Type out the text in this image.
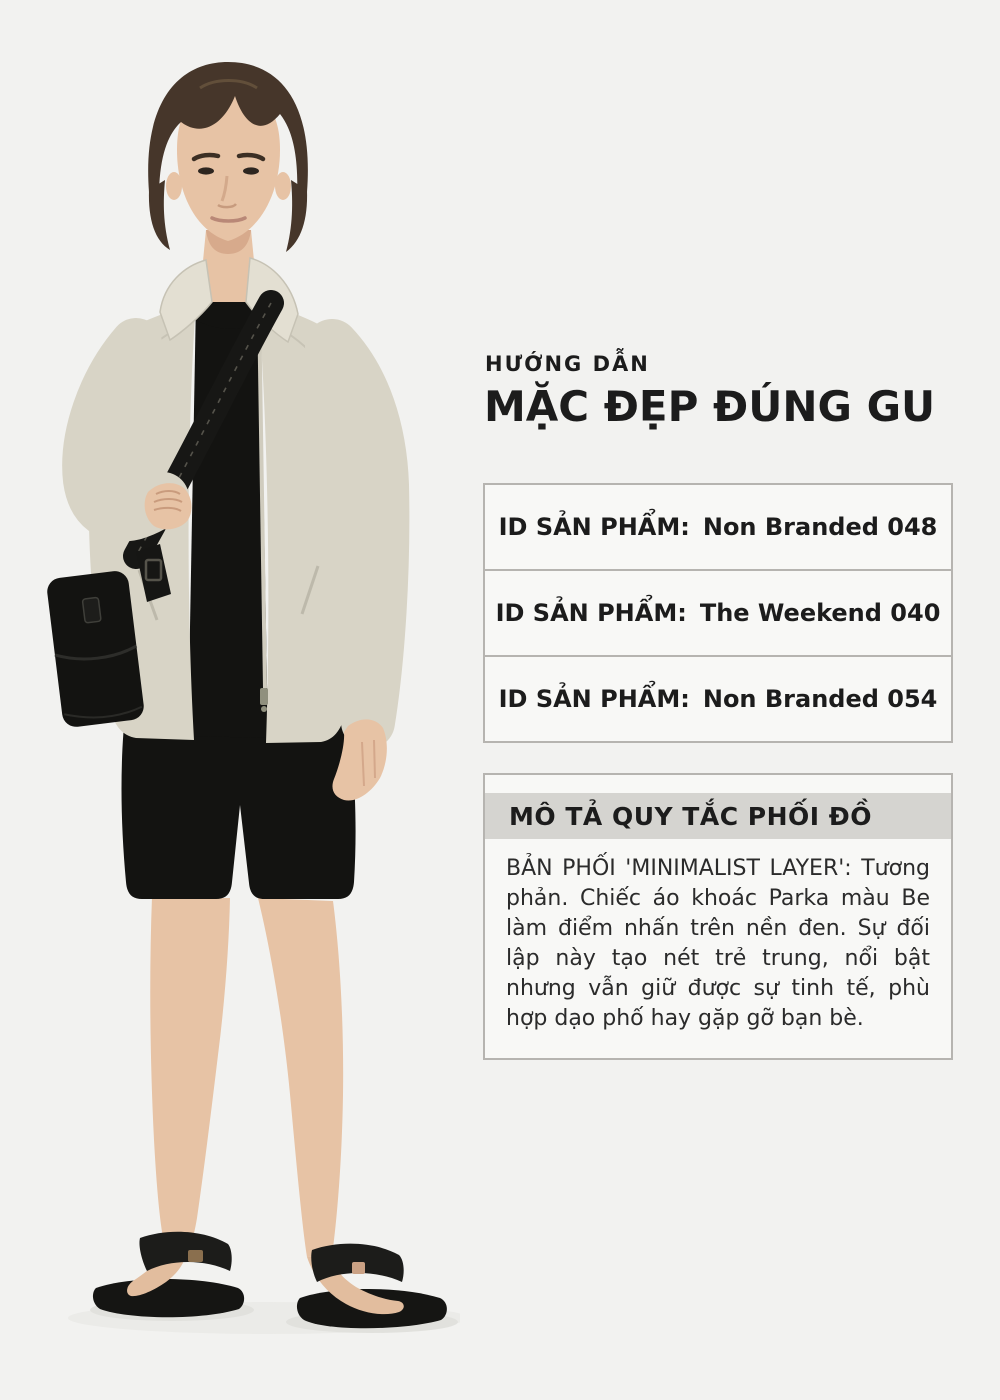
HƯỚNG DẪN
MẶC ĐẸP ĐÚNG GU
ID SẢN PHẨM: Non Branded 048
ID SẢN PHẨM: The Weekend 040
ID SẢN PHẨM: Non Branded 054
MÔ TẢ QUY TẮC PHỐI ĐỒ

BẢN PHỐI 'MINIMALIST LAYER': Tương phản. Chiếc áo khoác Parka màu Be làm điểm nhấn trên nền đen. Sự đối lập này tạo nét trẻ trung, nổi bật nhưng vẫn giữ được sự tinh tế, phù hợp dạo phố hay gặp gỡ bạn bè.
